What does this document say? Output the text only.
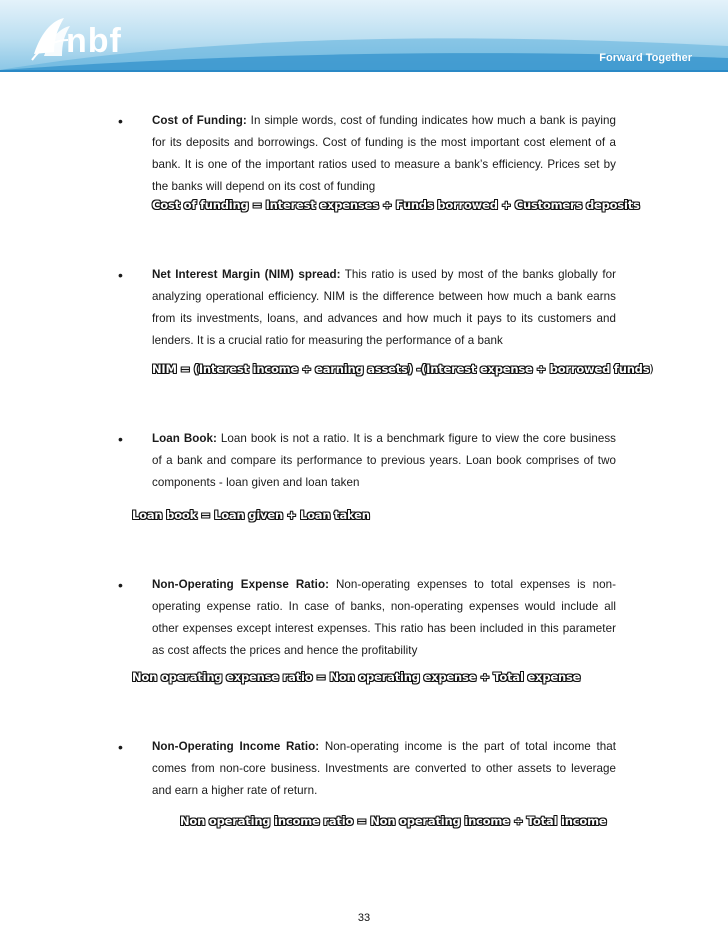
nbf	Forward Together
•	Cost of Funding: In simple words, cost of funding indicates how much a bank is paying for its deposits and borrowings. Cost of funding is the most important cost element of a bank. It is one of the important ratios used to measure a bank’s efficiency. Prices set by the banks will depend on its cost of funding
Cost of funding = Interest expenses ÷ Funds borrowed + Customers deposits
•	Net Interest Margin (NIM) spread: This ratio is used by most of the banks globally for analyzing operational efficiency. NIM is the difference between how much a bank earns from its investments, loans, and advances and how much it pays to its customers and lenders. It is a crucial ratio for measuring the performance of a bank
NIM = (Interest income ÷ earning assets) -(Interest expense ÷ borrowed funds)
•	Loan Book: Loan book is not a ratio. It is a benchmark figure to view the core business of a bank and compare its performance to previous years. Loan book comprises of two components - loan given and loan taken
Loan book = Loan given + Loan taken
•	Non-Operating Expense Ratio: Non-operating expenses to total expenses is non-operating expense ratio. In case of banks, non-operating expenses would include all other expenses except interest expenses. This ratio has been included in this parameter as cost affects the prices and hence the profitability
Non operating expense ratio = Non operating expense ÷ Total expense
•	Non-Operating Income Ratio: Non-operating income is the part of total income that comes from non-core business. Investments are converted to other assets to leverage and earn a higher rate of return.
Non operating income ratio = Non operating income ÷ Total income
33
